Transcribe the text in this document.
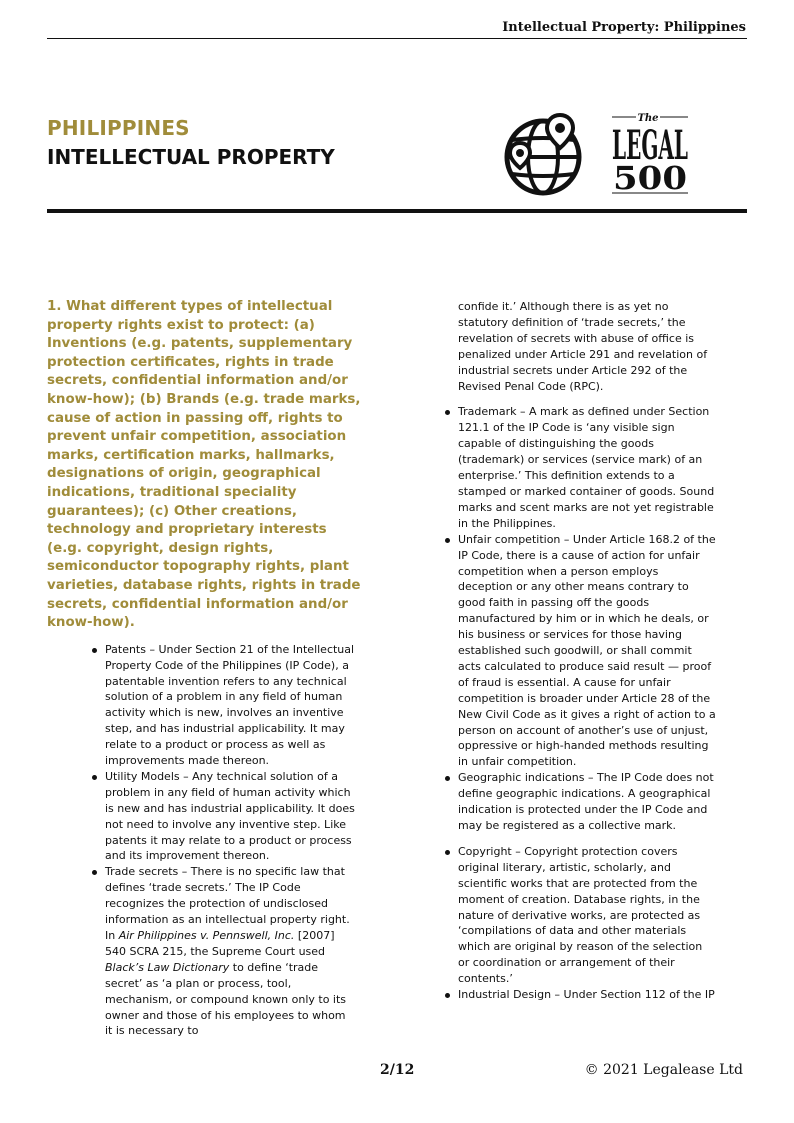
Intellectual Property: Philippines
PHILIPPINES
INTELLECTUAL PROPERTY
The
LEGAL
500

1. What different types of intellectual property rights exist to protect: (a) Inventions (e.g. patents, supplementary protection certificates, rights in trade secrets, confidential information and/or know-how); (b) Brands (e.g. trade marks, cause of action in passing off, rights to prevent unfair competition, association marks, certification marks, hallmarks, designations of origin, geographical indications, traditional speciality guarantees); (c) Other creations, technology and proprietary interests (e.g. copyright, design rights, semiconductor topography rights, plant varieties, database rights, rights in trade secrets, confidential information and/or know-how).

Patents – Under Section 21 of the Intellectual Property Code of the Philippines (IP Code), a patentable invention refers to any technical solution of a problem in any field of human activity which is new, involves an inventive step, and has industrial applicability. It may relate to a product or process as well as improvements made thereon.
Utility Models – Any technical solution of a problem in any field of human activity which is new and has industrial applicability. It does not need to involve any inventive step. Like patents it may relate to a product or process and its improvement thereon.
Trade secrets – There is no specific law that defines ‘trade secrets.’ The IP Code recognizes the protection of undisclosed information as an intellectual property right. In Air Philippines v. Pennswell, Inc. [2007] 540 SCRA 215, the Supreme Court used Black’s Law Dictionary to define ‘trade secret’ as ‘a plan or process, tool, mechanism, or compound known only to its owner and those of his employees to whom it is necessary to

confide it.’ Although there is as yet no statutory definition of ‘trade secrets,’ the revelation of secrets with abuse of office is penalized under Article 291 and revelation of industrial secrets under Article 292 of the Revised Penal Code (RPC).

Trademark – A mark as defined under Section 121.1 of the IP Code is ‘any visible sign capable of distinguishing the goods (trademark) or services (service mark) of an enterprise.’ This definition extends to a stamped or marked container of goods. Sound marks and scent marks are not yet registrable in the Philippines.
Unfair competition – Under Article 168.2 of the IP Code, there is a cause of action for unfair competition when a person employs deception or any other means contrary to good faith in passing off the goods manufactured by him or in which he deals, or his business or services for those having established such goodwill, or shall commit acts calculated to produce said result — proof of fraud is essential. A cause for unfair competition is broader under Article 28 of the New Civil Code as it gives a right of action to a person on account of another’s use of unjust, oppressive or high-handed methods resulting in unfair competition.
Geographic indications – The IP Code does not define geographic indications. A geographical indication is protected under the IP Code and may be registered as a collective mark.
Copyright – Copyright protection covers original literary, artistic, scholarly, and scientific works that are protected from the moment of creation. Database rights, in the nature of derivative works, are protected as ‘compilations of data and other materials which are original by reason of the selection or coordination or arrangement of their contents.’
Industrial Design – Under Section 112 of the IP
2/12	© 2021 Legalease Ltd
